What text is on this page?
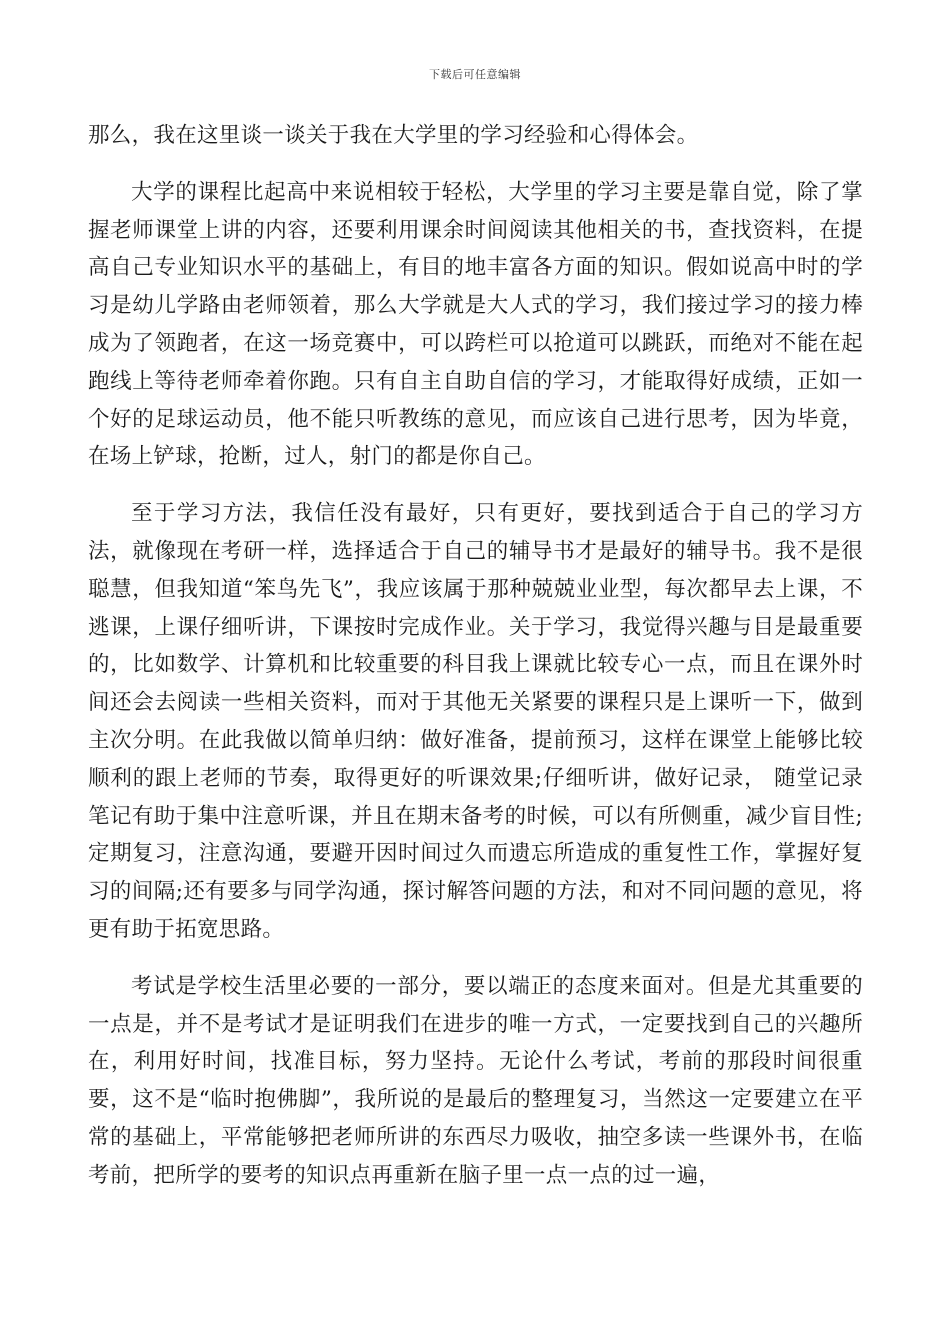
下载后可任意编辑

那么，我在这里谈一谈关于我在大学里的学习经验和心得体会。

大学的课程比起高中来说相较于轻松，大学里的学习主要是靠自觉，除了掌握老师课堂上讲的内容，还要利用课余时间阅读其他相关的书，查找资料，在提高自己专业知识水平的基础上，有目的地丰富各方面的知识。假如说高中时的学习是幼儿学路由老师领着，那么大学就是大人式的学习，我们接过学习的接力棒成为了领跑者，在这一场竞赛中，可以跨栏可以抢道可以跳跃，而绝对不能在起跑线上等待老师牵着你跑。只有自主自助自信的学习，才能取得好成绩，正如一个好的足球运动员，他不能只听教练的意见，而应该自己进行思考，因为毕竟，在场上铲球，抢断，过人，射门的都是你自己。

至于学习方法，我信任没有最好，只有更好，要找到适合于自己的学习方法，就像现在考研一样，选择适合于自己的辅导书才是最好的辅导书。我不是很聪慧，但我知道“笨鸟先飞”，我应该属于那种兢兢业业型，每次都早去上课，不逃课，上课仔细听讲，下课按时完成作业。关于学习，我觉得兴趣与目是最重要的，比如数学、计算机和比较重要的科目我上课就比较专心一点，而且在课外时间还会去阅读一些相关资料，而对于其他无关紧要的课程只是上课听一下，做到主次分明。在此我做以简单归纳：做好准备，提前预习，这样在课堂上能够比较顺利的跟上老师的节奏，取得更好的听课效果;仔细听讲，做好记录， 随堂记录笔记有助于集中注意听课，并且在期末备考的时候，可以有所侧重，减少盲目性;定期复习，注意沟通，要避开因时间过久而遗忘所造成的重复性工作，掌握好复习的间隔;还有要多与同学沟通，探讨解答问题的方法，和对不同问题的意见，将更有助于拓宽思路。

考试是学校生活里必要的一部分，要以端正的态度来面对。但是尤其重要的一点是，并不是考试才是证明我们在进步的唯一方式，一定要找到自己的兴趣所在，利用好时间，找准目标，努力坚持。无论什么考试，考前的那段时间很重要，这不是“临时抱佛脚”，我所说的是最后的整理复习，当然这一定要建立在平常的基础上，平常能够把老师所讲的东西尽力吸收，抽空多读一些课外书，在临考前，把所学的要考的知识点再重新在脑子里一点一点的过一遍，
